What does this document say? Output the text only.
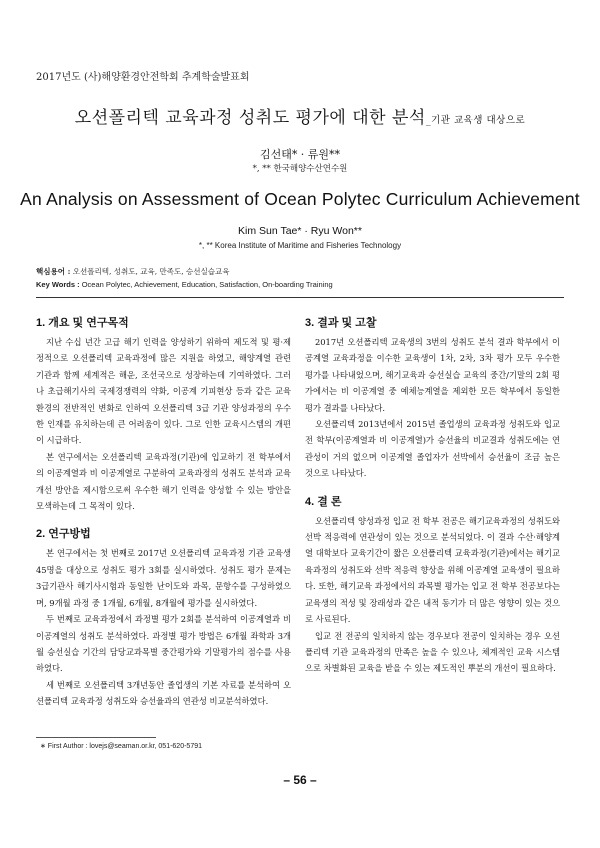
2017년도 (사)해양환경안전학회 추계학술발표회
오션폴리텍 교육과정 성취도 평가에 대한 분석_기관 교육생 대상으로
김선태* · 류원**
*, ** 한국해양수산연수원
An Analysis on Assessment of Ocean Polytec Curriculum Achievement
Kim Sun Tae* · Ryu Won**
*, ** Korea Institute of Maritime and Fisheries Technology
핵심용어 : 오션폴리텍, 성취도, 교육, 만족도, 승선실습교육
Key Words : Ocean Polytec, Achievement, Education, Satisfaction, On-boarding Training
1. 개요 및 연구목적

지난 수십 년간 고급 해기 인력을 양성하기 위하여 제도적 및 평·제정적으로 오션폴리텍 교육과정에 많은 지원을 하였고, 해양계열 관련 기관과 함께 세계적은 해운, 조선국으로 성장하는데 기여하였다. 그러나 초급해기사의 국제경쟁력의 약화, 이공계 기피현상 등과 같은 교육환경의 전반적인 변화로 인하여 오션폴리텍 3급 기관 양성과정의 우수한 인재를 유치하는데 큰 어려움이 있다. 그로 인한 교육시스템의 개편이 시급하다.

본 연구에서는 오션폴리텍 교육과정(기관)에 입교하기 전 학부에서의 이공계열과 비 이공계열로 구분하여 교육과정의 성취도 분석과 교육개선 방안을 제시함으로써 우수한 해기 인력을 양성할 수 있는 방안을 모색하는데 그 목적이 있다.

2. 연구방법

본 연구에서는 첫 번째로 2017년 오션폴리텍 교육과정 기관 교육생 45명을 대상으로 성취도 평가 3회를 실시하였다. 성취도 평가 문제는 3급기관사 해기사시험과 동일한 난이도와 과목, 문항수를 구성하였으며, 9개월 과정 중 1개월, 6개월, 8개월에 평가를 실시하였다.

두 번째로 교육과정에서 과정별 평가 2회를 분석하여 이공계열과 비 이공계열의 성취도 분석하였다. 과정별 평가 방법은 6개월 좌학과 3개월 승선실습 기간의 담당교과목별 중간평가와 기말평가의 점수를 사용하였다.

세 번째로 오션폴리텍 3개년동안 졸업생의 기본 자료를 분석하여 오션폴리텍 교육과정 성취도와 승선율과의 연관성 비교분석하였다.

3. 결과 및 고찰

2017년 오션폴리텍 교육생의 3번의 성취도 분석 결과 학부에서 이공계열 교육과정을 이수한 교육생이 1차, 2차, 3차 평가 모두 우수한 평가를 나타내었으며, 해기교육과 승선실습 교육의 중간/기말의 2회 평가에서는 비 이공계열 중 예체능계열을 제외한 모든 학부에서 동일한 평가 결과를 나타났다.

오션폴리텍 2013년에서 2015년 졸업생의 교육과정 성취도와 입교 전 학부(이공계열과 비 이공계열)가 승선율의 비교결과 성취도에는 연관성이 거의 없으며 이공계열 졸업자가 선박에서 승선율이 조금 높은 것으로 나타났다.

4. 결 론

오션폴리텍 양성과정 입교 전 학부 전공은 해기교육과정의 성취도와 선박 적응력에 연관성이 있는 것으로 분석되었다. 이 결과 수산·해양계열 대학보다 교육기간이 짧은 오션폴리텍 교육과정(기관)에서는 해기교육과정의 성취도와 선박 적응력 향상을 위해 이공계열 교육생이 필요하다. 또한, 해기교육 과정에서의 과목별 평가는 입교 전 학부 전공보다는 교육생의 적성 및 장래성과 같은 내적 동기가 더 많은 영향이 있는 것으로 사료된다.

입교 전 전공의 일치하지 않는 경우보다 전공이 일치하는 경우 오션폴리텍 기관 교육과정의 만족은 높을 수 있으나, 체계적인 교육 시스템으로 차별화된 교육을 받을 수 있는 제도적인 뿌분의 개선이 필요하다.

∗ First Author : lovejs@seaman.or.kr, 051-620-5791
– 56 –
